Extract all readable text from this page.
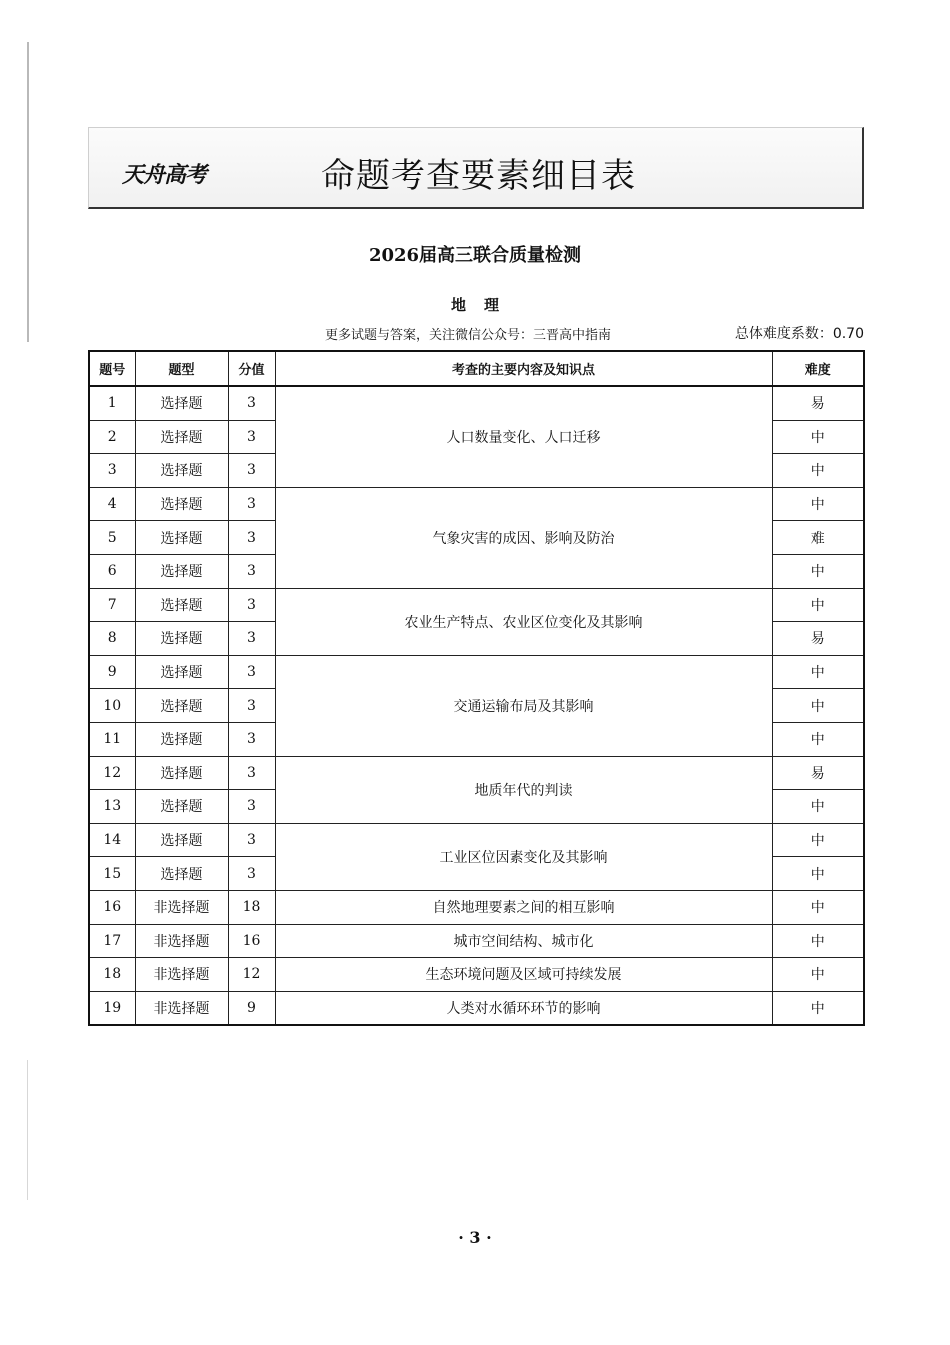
天舟高考	命题考查要素细目表
2026届高三联合质量检测
地理
更多试题与答案，关注微信公众号：三晋高中指南	总体难度系数：0.70
题号	题型	分值	考查的主要内容及知识点	难度
1	选择题	3	人口数量变化、人口迁移	易
2	选择题	3		中
3	选择题	3		中
4	选择题	3	气象灾害的成因、影响及防治	中
5	选择题	3		难
6	选择题	3		中
7	选择题	3	农业生产特点、农业区位变化及其影响	中
8	选择题	3		易
9	选择题	3	交通运输布局及其影响	中
10	选择题	3		中
11	选择题	3		中
12	选择题	3	地质年代的判读	易
13	选择题	3		中
14	选择题	3	工业区位因素变化及其影响	中
15	选择题	3		中
16	非选择题	18	自然地理要素之间的相互影响	中
17	非选择题	16	城市空间结构、城市化	中
18	非选择题	12	生态环境问题及区域可持续发展	中
19	非选择题	9	人类对水循环环节的影响	中
· 3 ·
